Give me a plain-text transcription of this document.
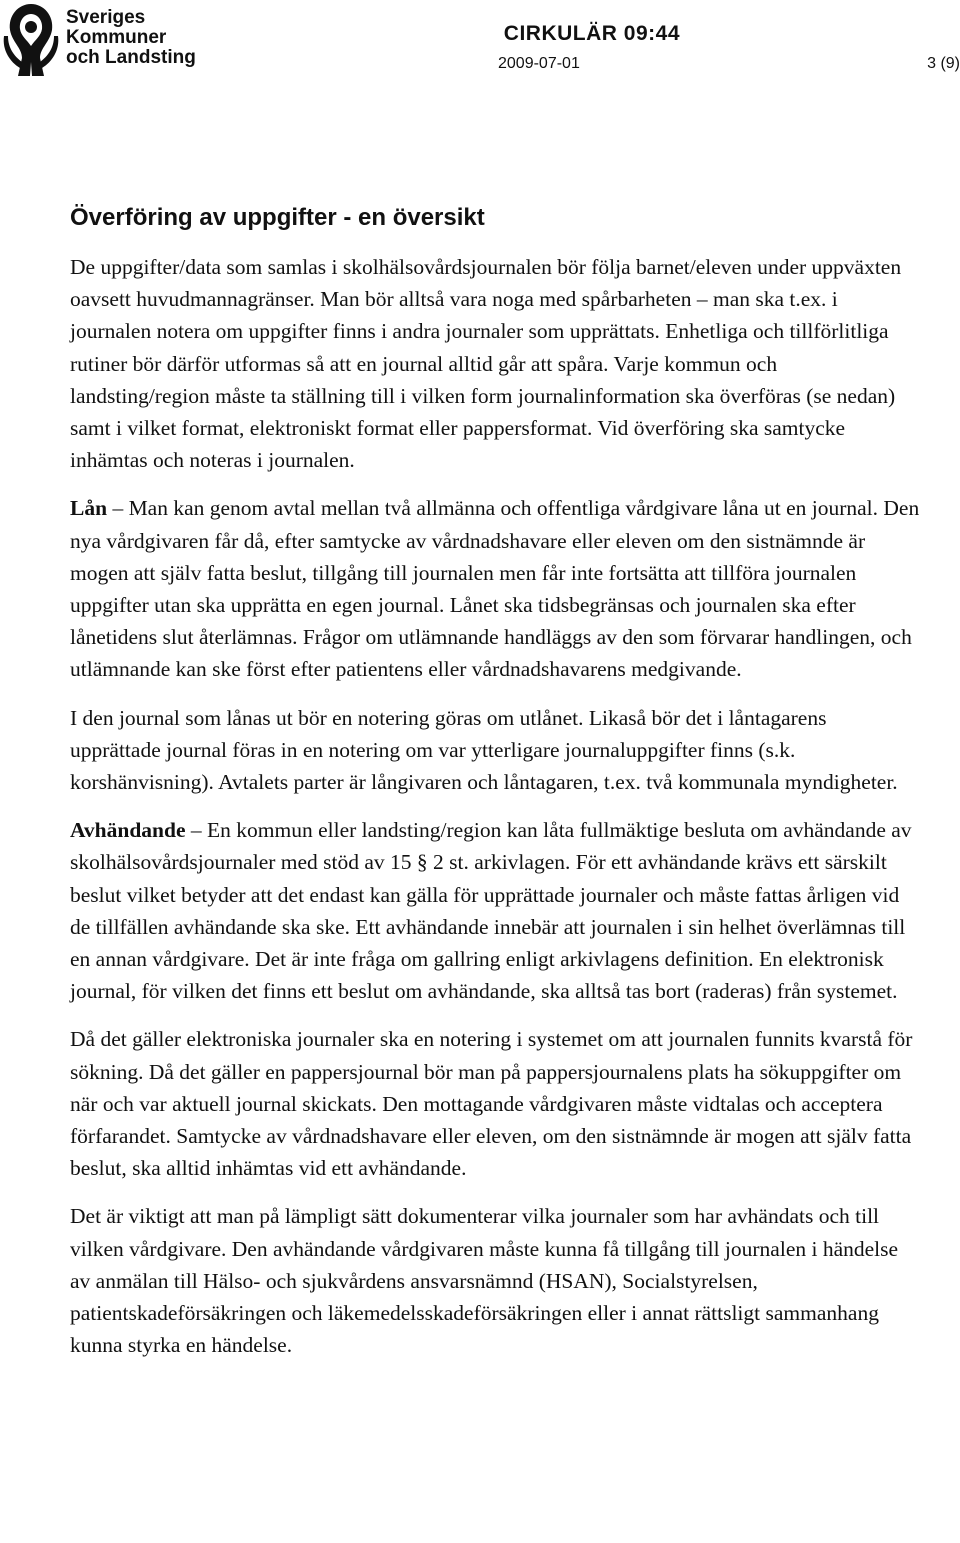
Sveriges
Kommuner
och Landsting
CIRKULÄR 09:44
2009-07-01	3 (9)
Överföring av uppgifter - en översikt

De uppgifter/data som samlas i skolhälsovårdsjournalen bör följa barnet/eleven under uppväxten oavsett huvudmannagränser. Man bör alltså vara noga med spårbarheten – man ska t.ex. i journalen notera om uppgifter finns i andra journaler som upprättats. Enhetliga och tillförlitliga rutiner bör därför utformas så att en journal alltid går att spåra. Varje kommun och landsting/region måste ta ställning till i vilken form journalinformation ska överföras (se nedan) samt i vilket format, elektroniskt format eller pappersformat. Vid överföring ska samtycke inhämtas och noteras i journalen.

Lån – Man kan genom avtal mellan två allmänna och offentliga vårdgivare låna ut en journal. Den nya vårdgivaren får då, efter samtycke av vårdnadshavare eller eleven om den sistnämnde är mogen att själv fatta beslut, tillgång till journalen men får inte fortsätta att tillföra journalen uppgifter utan ska upprätta en egen journal. Lånet ska tidsbegränsas och journalen ska efter lånetidens slut återlämnas. Frågor om utlämnande handläggs av den som förvarar handlingen, och utlämnande kan ske först efter patientens eller vårdnadshavarens medgivande.

I den journal som lånas ut bör en notering göras om utlånet. Likaså bör det i låntagarens upprättade journal föras in en notering om var ytterligare journaluppgifter finns (s.k. korshänvisning). Avtalets parter är långivaren och låntagaren, t.ex. två kommunala myndigheter.

Avhändande – En kommun eller landsting/region kan låta fullmäktige besluta om avhändande av skolhälsovårdsjournaler med stöd av 15 § 2 st. arkivlagen. För ett avhändande krävs ett särskilt beslut vilket betyder att det endast kan gälla för upprättade journaler och måste fattas årligen vid de tillfällen avhändande ska ske. Ett avhändande innebär att journalen i sin helhet överlämnas till en annan vårdgivare. Det är inte fråga om gallring enligt arkivlagens definition. En elektronisk journal, för vilken det finns ett beslut om avhändande, ska alltså tas bort (raderas) från systemet.

Då det gäller elektroniska journaler ska en notering i systemet om att journalen funnits kvarstå för sökning. Då det gäller en pappersjournal bör man på pappersjournalens plats ha sökuppgifter om när och var aktuell journal skickats. Den mottagande vårdgivaren måste vidtalas och acceptera förfarandet. Samtycke av vårdnadshavare eller eleven, om den sistnämnde är mogen att själv fatta beslut, ska alltid inhämtas vid ett avhändande.

Det är viktigt att man på lämpligt sätt dokumenterar vilka journaler som har avhändats och till vilken vårdgivare. Den avhändande vårdgivaren måste kunna få tillgång till journalen i händelse av anmälan till Hälso- och sjukvårdens ansvarsnämnd (HSAN), Socialstyrelsen, patientskadeförsäkringen och läkemedelsskadeförsäkringen eller i annat rättsligt sammanhang kunna styrka en händelse.
